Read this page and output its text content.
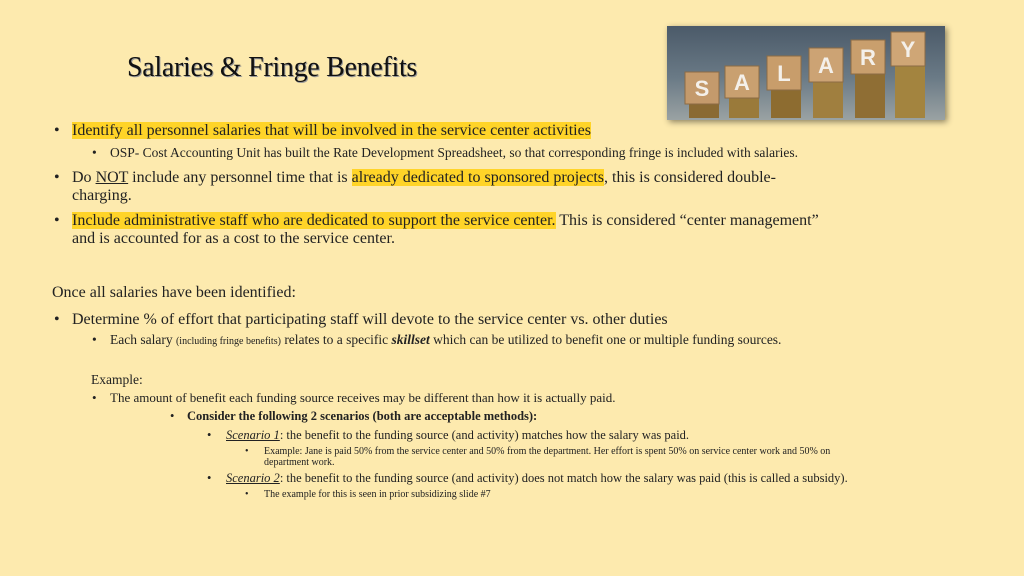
Salaries & Fringe Benefits
S A L A R Y
• Identify all personnel salaries that will be involved in the service center activities

• OSP- Cost Accounting Unit has built the Rate Development Spreadsheet, so that corresponding fringe is included with salaries.

• Do NOT include any personnel time that is already dedicated to sponsored projects, this is considered double-

charging.

• Include administrative staff who are dedicated to support the service center. This is considered “center management”

and is accounted for as a cost to the service center.

Once all salaries have been identified:

• Determine % of effort that participating staff will devote to the service center vs. other duties

• Each salary (including fringe benefits) relates to a specific skillset which can be utilized to benefit one or multiple funding sources.

Example:

• The amount of benefit each funding source receives may be different than how it is actually paid.

• Consider the following 2 scenarios (both are acceptable methods):

• Scenario 1: the benefit to the funding source (and activity) matches how the salary was paid.

• Example: Jane is paid 50% from the service center and 50% from the department. Her effort is spent 50% on service center work and 50% on

department work.

• Scenario 2: the benefit to the funding source (and activity) does not match how the salary was paid (this is called a subsidy).

• The example for this is seen in prior subsidizing slide #7
